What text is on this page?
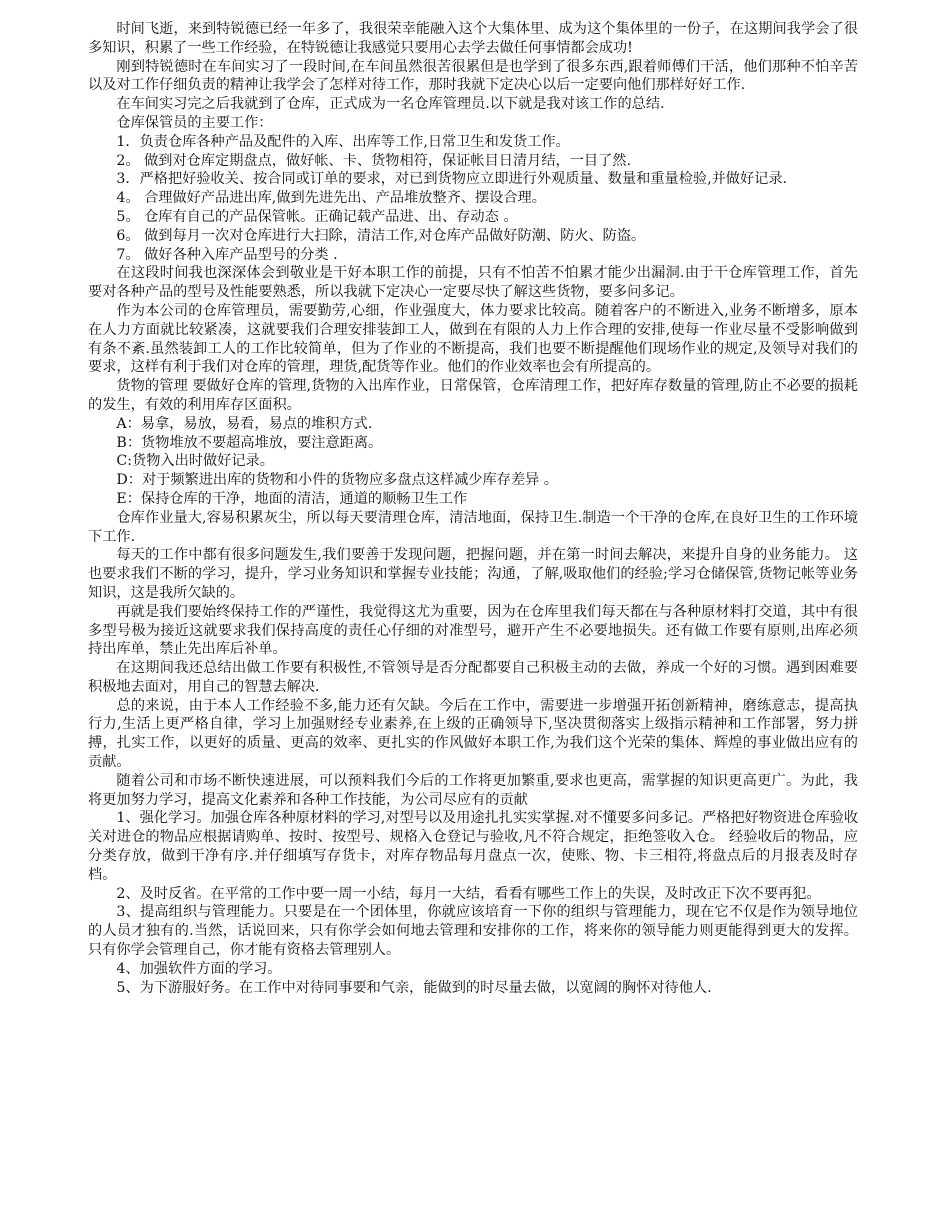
时间飞逝，来到特锐德已经一年多了，我很荣幸能融入这个大集体里、成为这个集体里的一份子，在这期间我学会了很多知识，积累了一些工作经验，在特锐德让我感觉只要用心去学去做任何事情都会成功!

刚到特锐德时在车间实习了一段时间,在车间虽然很苦很累但是也学到了很多东西,跟着师傅们干活，他们那种不怕辛苦以及对工作仔细负责的精神让我学会了怎样对待工作，那时我就下定决心以后一定要向他们那样好好工作.

在车间实习完之后我就到了仓库，正式成为一名仓库管理员.以下就是我对该工作的总结.

仓库保管员的主要工作：

1．负责仓库各种产品及配件的入库、出库等工作,日常卫生和发货工作。

2。 做到对仓库定期盘点，做好帐、卡、货物相符，保证帐目日清月结，一目了然.

3．严格把好验收关、按合同或订单的要求，对已到货物应立即进行外观质量、数量和重量检验,并做好记录.

4。 合理做好产品进出库,做到先进先出、产品堆放整齐、摆设合理。

5。 仓库有自己的产品保管帐。正确记载产品进、出、存动态 。

6。 做到每月一次对仓库进行大扫除，清洁工作,对仓库产品做好防潮、防火、防盗。

7。 做好各种入库产品型号的分类 .

在这段时间我也深深体会到敬业是干好本职工作的前提，只有不怕苦不怕累才能少出漏洞.由于干仓库管理工作，首先要对各种产品的型号及性能要熟悉，所以我就下定决心一定要尽快了解这些货物，要多问多记。

作为本公司的仓库管理员，需要勤劳,心细，作业强度大，体力要求比较高。随着客户的不断进入,业务不断增多，原本在人力方面就比较紧凑，这就要我们合理安排装卸工人，做到在有限的人力上作合理的安排,使每一作业尽量不受影响做到有条不紊.虽然装卸工人的工作比较简单，但为了作业的不断提高，我们也要不断提醒他们现场作业的规定,及领导对我们的要求，这样有利于我们对仓库的管理，理货,配货等作业。他们的作业效率也会有所提高的。

货物的管理 要做好仓库的管理,货物的入出库作业，日常保管，仓库清理工作，把好库存数量的管理,防止不必要的损耗的发生，有效的利用库存区面积。

A：易拿，易放，易看，易点的堆积方式.

B：货物堆放不要超高堆放，要注意距离。

C:货物入出时做好记录。

D：对于频繁进出库的货物和小件的货物应多盘点这样减少库存差异 。

E：保持仓库的干净，地面的清洁，通道的顺畅卫生工作

仓库作业量大,容易积累灰尘，所以每天要清理仓库，清洁地面，保持卫生.制造一个干净的仓库,在良好卫生的工作环境下工作.

每天的工作中都有很多问题发生,我们要善于发现问题，把握问题，并在第一时间去解决，来提升自身的业务能力。 这也要求我们不断的学习，提升，学习业务知识和掌握专业技能；沟通，了解,吸取他们的经验;学习仓储保管,货物记帐等业务知识，这是我所欠缺的。

再就是我们要始终保持工作的严谨性，我觉得这尤为重要，因为在仓库里我们每天都在与各种原材料打交道，其中有很多型号极为接近这就要求我们保持高度的责任心仔细的对准型号，避开产生不必要地损失。还有做工作要有原则,出库必须持出库单，禁止先出库后补单。

在这期间我还总结出做工作要有积极性,不管领导是否分配都要自己积极主动的去做，养成一个好的习惯。遇到困难要积极地去面对，用自己的智慧去解决.

总的来说，由于本人工作经验不多,能力还有欠缺。今后在工作中，需要进一步增强开拓创新精神，磨练意志，提高执行力,生活上更严格自律，学习上加强财经专业素养,在上级的正确领导下,坚决贯彻落实上级指示精神和工作部署，努力拼搏，扎实工作，以更好的质量、更高的效率、更扎实的作风做好本职工作,为我们这个光荣的集体、辉煌的事业做出应有的贡献。

随着公司和市场不断快速进展，可以预料我们今后的工作将更加繁重,要求也更高，需掌握的知识更高更广。为此，我将更加努力学习，提高文化素养和各种工作技能，为公司尽应有的贡献

1、强化学习。加强仓库各种原材料的学习,对型号以及用途扎扎实实掌握.对不懂要多问多记。严格把好物资进仓库验收关对进仓的物品应根据请购单、按时、按型号、规格入仓登记与验收,凡不符合规定，拒绝签收入仓。 经验收后的物品，应分类存放，做到干净有序.并仔细填写存货卡，对库存物品每月盘点一次，使账、物、卡三相符,将盘点后的月报表及时存档。

2、及时反省。在平常的工作中要一周一小结，每月一大结，看看有哪些工作上的失误，及时改正下次不要再犯。

3、提高组织与管理能力。只要是在一个团体里，你就应该培育一下你的组织与管理能力，现在它不仅是作为领导地位的人员才独有的.当然，话说回来，只有你学会如何地去管理和安排你的工作，将来你的领导能力则更能得到更大的发挥。只有你学会管理自己，你才能有资格去管理别人。

4、加强软件方面的学习。

5、为下游服好务。在工作中对待同事要和气亲，能做到的时尽量去做，以宽阔的胸怀对待他人.
